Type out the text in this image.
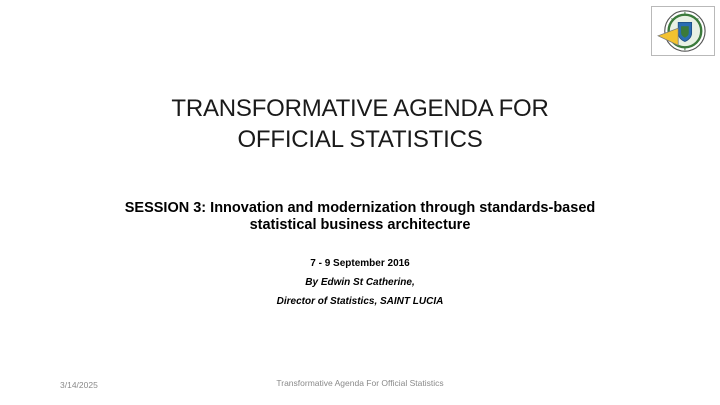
TRANSFORMATIVE AGENDA FOR
OFFICIAL STATISTICS
SESSION 3: Innovation and modernization through standards-based
statistical business architecture
7 - 9 September 2016
By Edwin St Catherine,
Director of Statistics, SAINT LUCIA
3/14/2025	Transformative Agenda For Official Statistics
